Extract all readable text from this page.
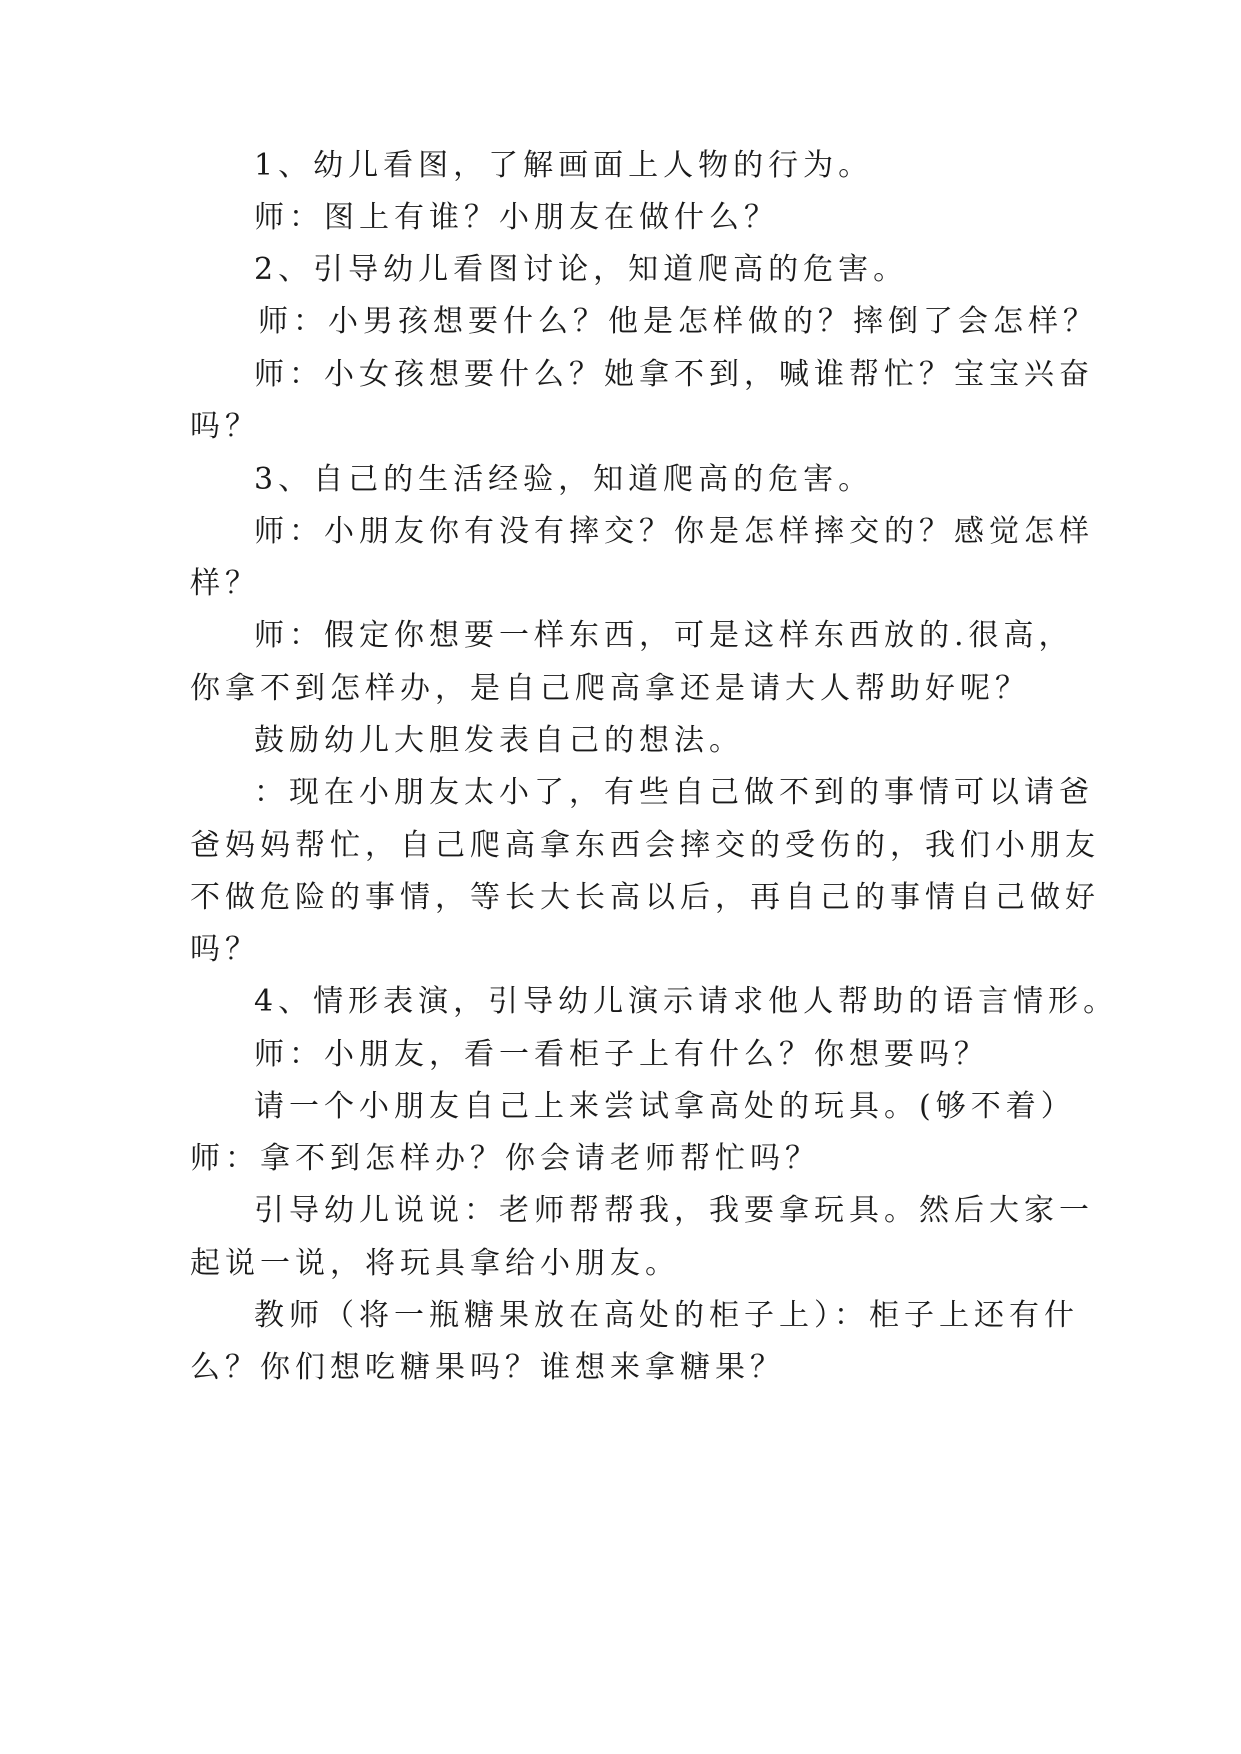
1、幼儿看图，了解画面上人物的行为。
师：图上有谁？小朋友在做什么？
2、引导幼儿看图讨论，知道爬高的危害。
师：小男孩想要什么？他是怎样做的？摔倒了会怎样？
师：小女孩想要什么？她拿不到，喊谁帮忙？宝宝兴奋
吗？
3、自己的生活经验，知道爬高的危害。
师：小朋友你有没有摔交？你是怎样摔交的？感觉怎样
样？
师：假定你想要一样东西，可是这样东西放的.很高，
你拿不到怎样办，是自己爬高拿还是请大人帮助好呢？
鼓励幼儿大胆发表自己的想法。
：现在小朋友太小了，有些自己做不到的事情可以请爸
爸妈妈帮忙，自己爬高拿东西会摔交的受伤的，我们小朋友
不做危险的事情，等长大长高以后，再自己的事情自己做好
吗？
4、情形表演，引导幼儿演示请求他人帮助的语言情形。
师：小朋友，看一看柜子上有什么？你想要吗？
请一个小朋友自己上来尝试拿高处的玩具。(够不着）
师：拿不到怎样办？你会请老师帮忙吗？
引导幼儿说说：老师帮帮我，我要拿玩具。然后大家一
起说一说，将玩具拿给小朋友。
教师（将一瓶糖果放在高处的柜子上）：柜子上还有什
么？你们想吃糖果吗？谁想来拿糖果？
